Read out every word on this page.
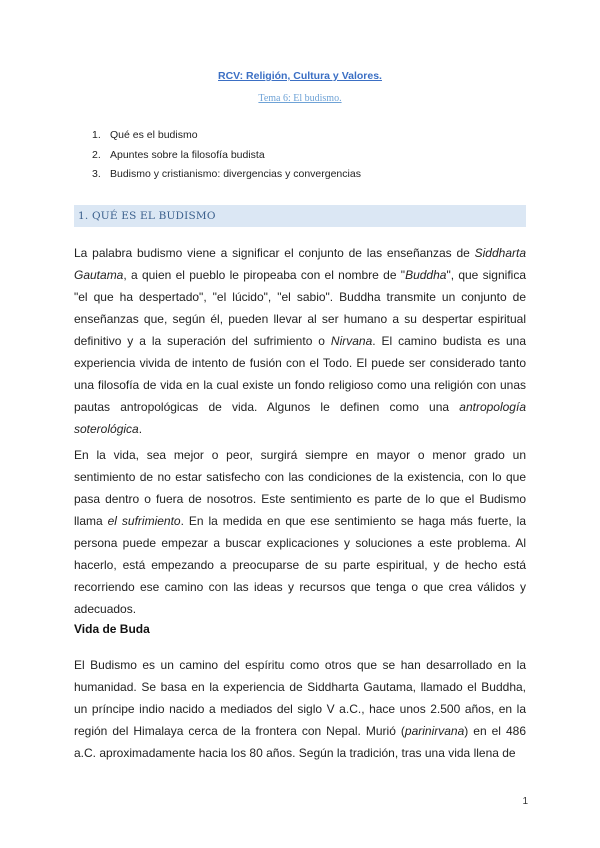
RCV: Religión, Cultura y Valores.
Tema 6: El budismo.
1. Qué es el budismo
2. Apuntes sobre la filosofía budista
3. Budismo y cristianismo: divergencias y convergencias
1. QUÉ ES EL BUDISMO

La palabra budismo viene a significar el conjunto de las enseñanzas de Siddharta Gautama, a quien el pueblo le piropeaba con el nombre de "Buddha", que significa "el que ha despertado", "el lúcido", "el sabio". Buddha transmite un conjunto de enseñanzas que, según él, pueden llevar al ser humano a su despertar espiritual definitivo y a la superación del sufrimiento o Nirvana. El camino budista es una experiencia vivida de intento de fusión con el Todo. El puede ser considerado tanto una filosofía de vida en la cual existe un fondo religioso como una religión con unas pautas antropológicas de vida. Algunos le definen como una antropología soterológica.

En la vida, sea mejor o peor, surgirá siempre en mayor o menor grado un sentimiento de no estar satisfecho con las condiciones de la existencia, con lo que pasa dentro o fuera de nosotros. Este sentimiento es parte de lo que el Budismo llama el sufrimiento. En la medida en que ese sentimiento se haga más fuerte, la persona puede empezar a buscar explicaciones y soluciones a este problema. Al hacerlo, está empezando a preocuparse de su parte espiritual, y de hecho está recorriendo ese camino con las ideas y recursos que tenga o que crea válidos y adecuados.

Vida de Buda

El Budismo es un camino del espíritu como otros que se han desarrollado en la humanidad. Se basa en la experiencia de Siddharta Gautama, llamado el Buddha, un príncipe indio nacido a mediados del siglo V a.C., hace unos 2.500 años, en la región del Himalaya cerca de la frontera con Nepal. Murió (parinirvana) en el 486 a.C. aproximadamente hacia los 80 años. Según la tradición, tras una vida llena de

1
